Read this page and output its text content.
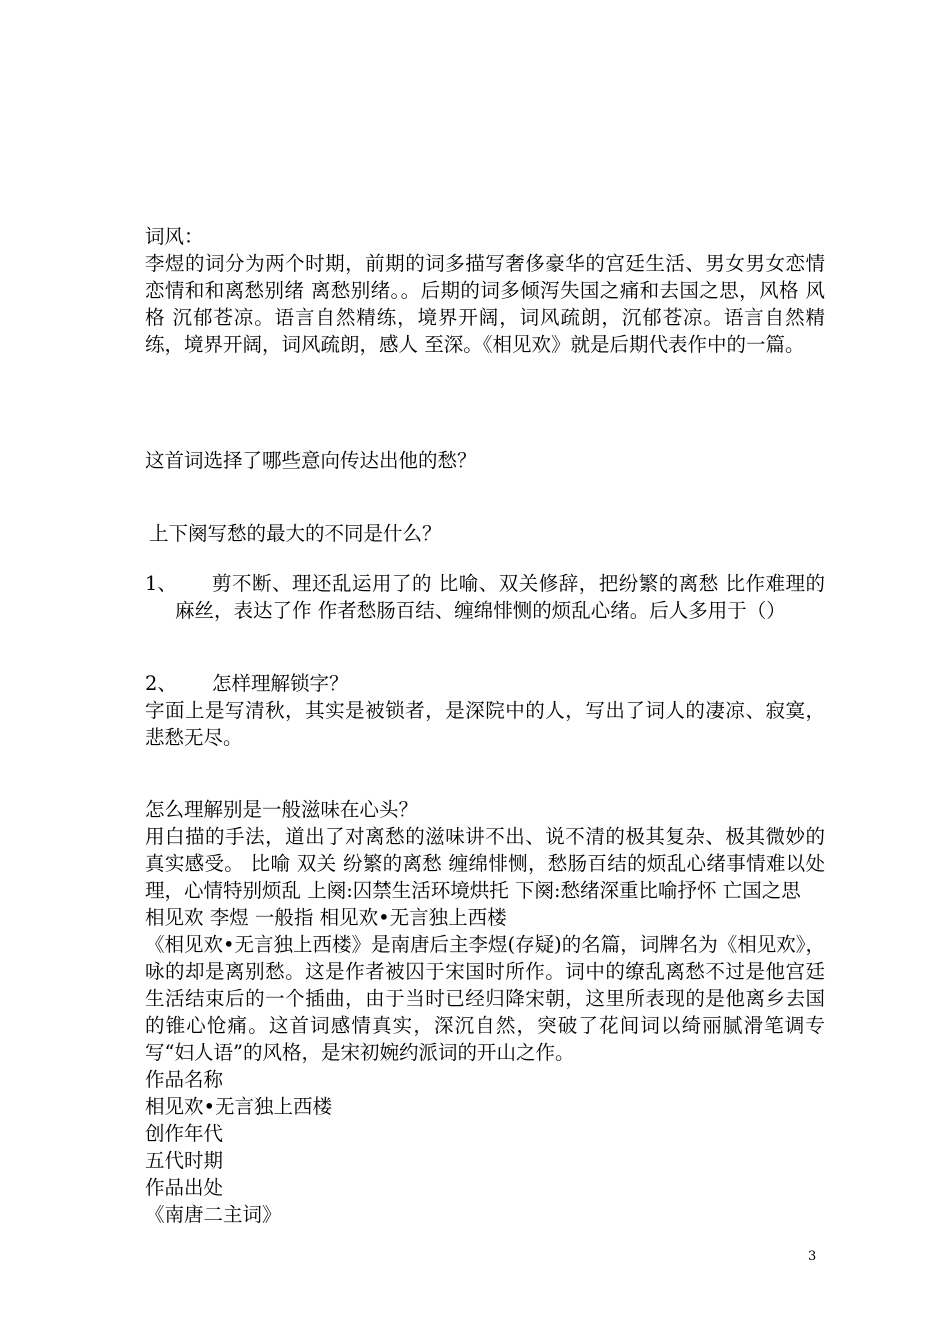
词风：

李煜的词分为两个时期，前期的词多描写奢侈豪华的宫廷生活、男女男女恋情 恋情和和离愁别绪 离愁别绪。。后期的词多倾泻失国之痛和去国之思，风格 风格 沉郁苍凉。语言自然精练，境界开阔，词风疏朗，沉郁苍凉。语言自然精练，境界开阔，词风疏朗，感人 至深。《相见欢》就是后期代表作中的一篇。

这首词选择了哪些意向传达出他的愁？

上下阕写愁的最大的不同是什么？

1、	剪不断、理还乱运用了的 比喻、双关修辞，把纷繁的离愁 比作难理的麻丝，表达了作 作者愁肠百结、缠绵悱恻的烦乱心绪。后人多用于（）

2、	怎样理解锁字？

字面上是写清秋，其实是被锁者，是深院中的人，写出了词人的凄凉、寂寞，悲愁无尽。

怎么理解别是一般滋味在心头？

用白描的手法，道出了对离愁的滋味讲不出、说不清的极其复杂、极其微妙的真实感受。 比喻 双关 纷繁的离愁 缠绵悱恻，愁肠百结的烦乱心绪事情难以处理，心情特别烦乱 上阕:囚禁生活环境烘托 下阕:愁绪深重比喻抒怀 亡国之思

相见欢 李煜 一般指 相见欢•无言独上西楼

《相见欢•无言独上西楼》是南唐后主李煜(存疑)的名篇，词牌名为《相见欢》，咏的却是离别愁。这是作者被囚于宋国时所作。词中的缭乱离愁不过是他宫廷生活结束后的一个插曲，由于当时已经归降宋朝，这里所表现的是他离乡去国的锥心怆痛。这首词感情真实，深沉自然，突破了花间词以绮丽腻滑笔调专写“妇人语”的风格，是宋初婉约派词的开山之作。

作品名称

相见欢•无言独上西楼

创作年代

五代时期

作品出处

《南唐二主词》

3
